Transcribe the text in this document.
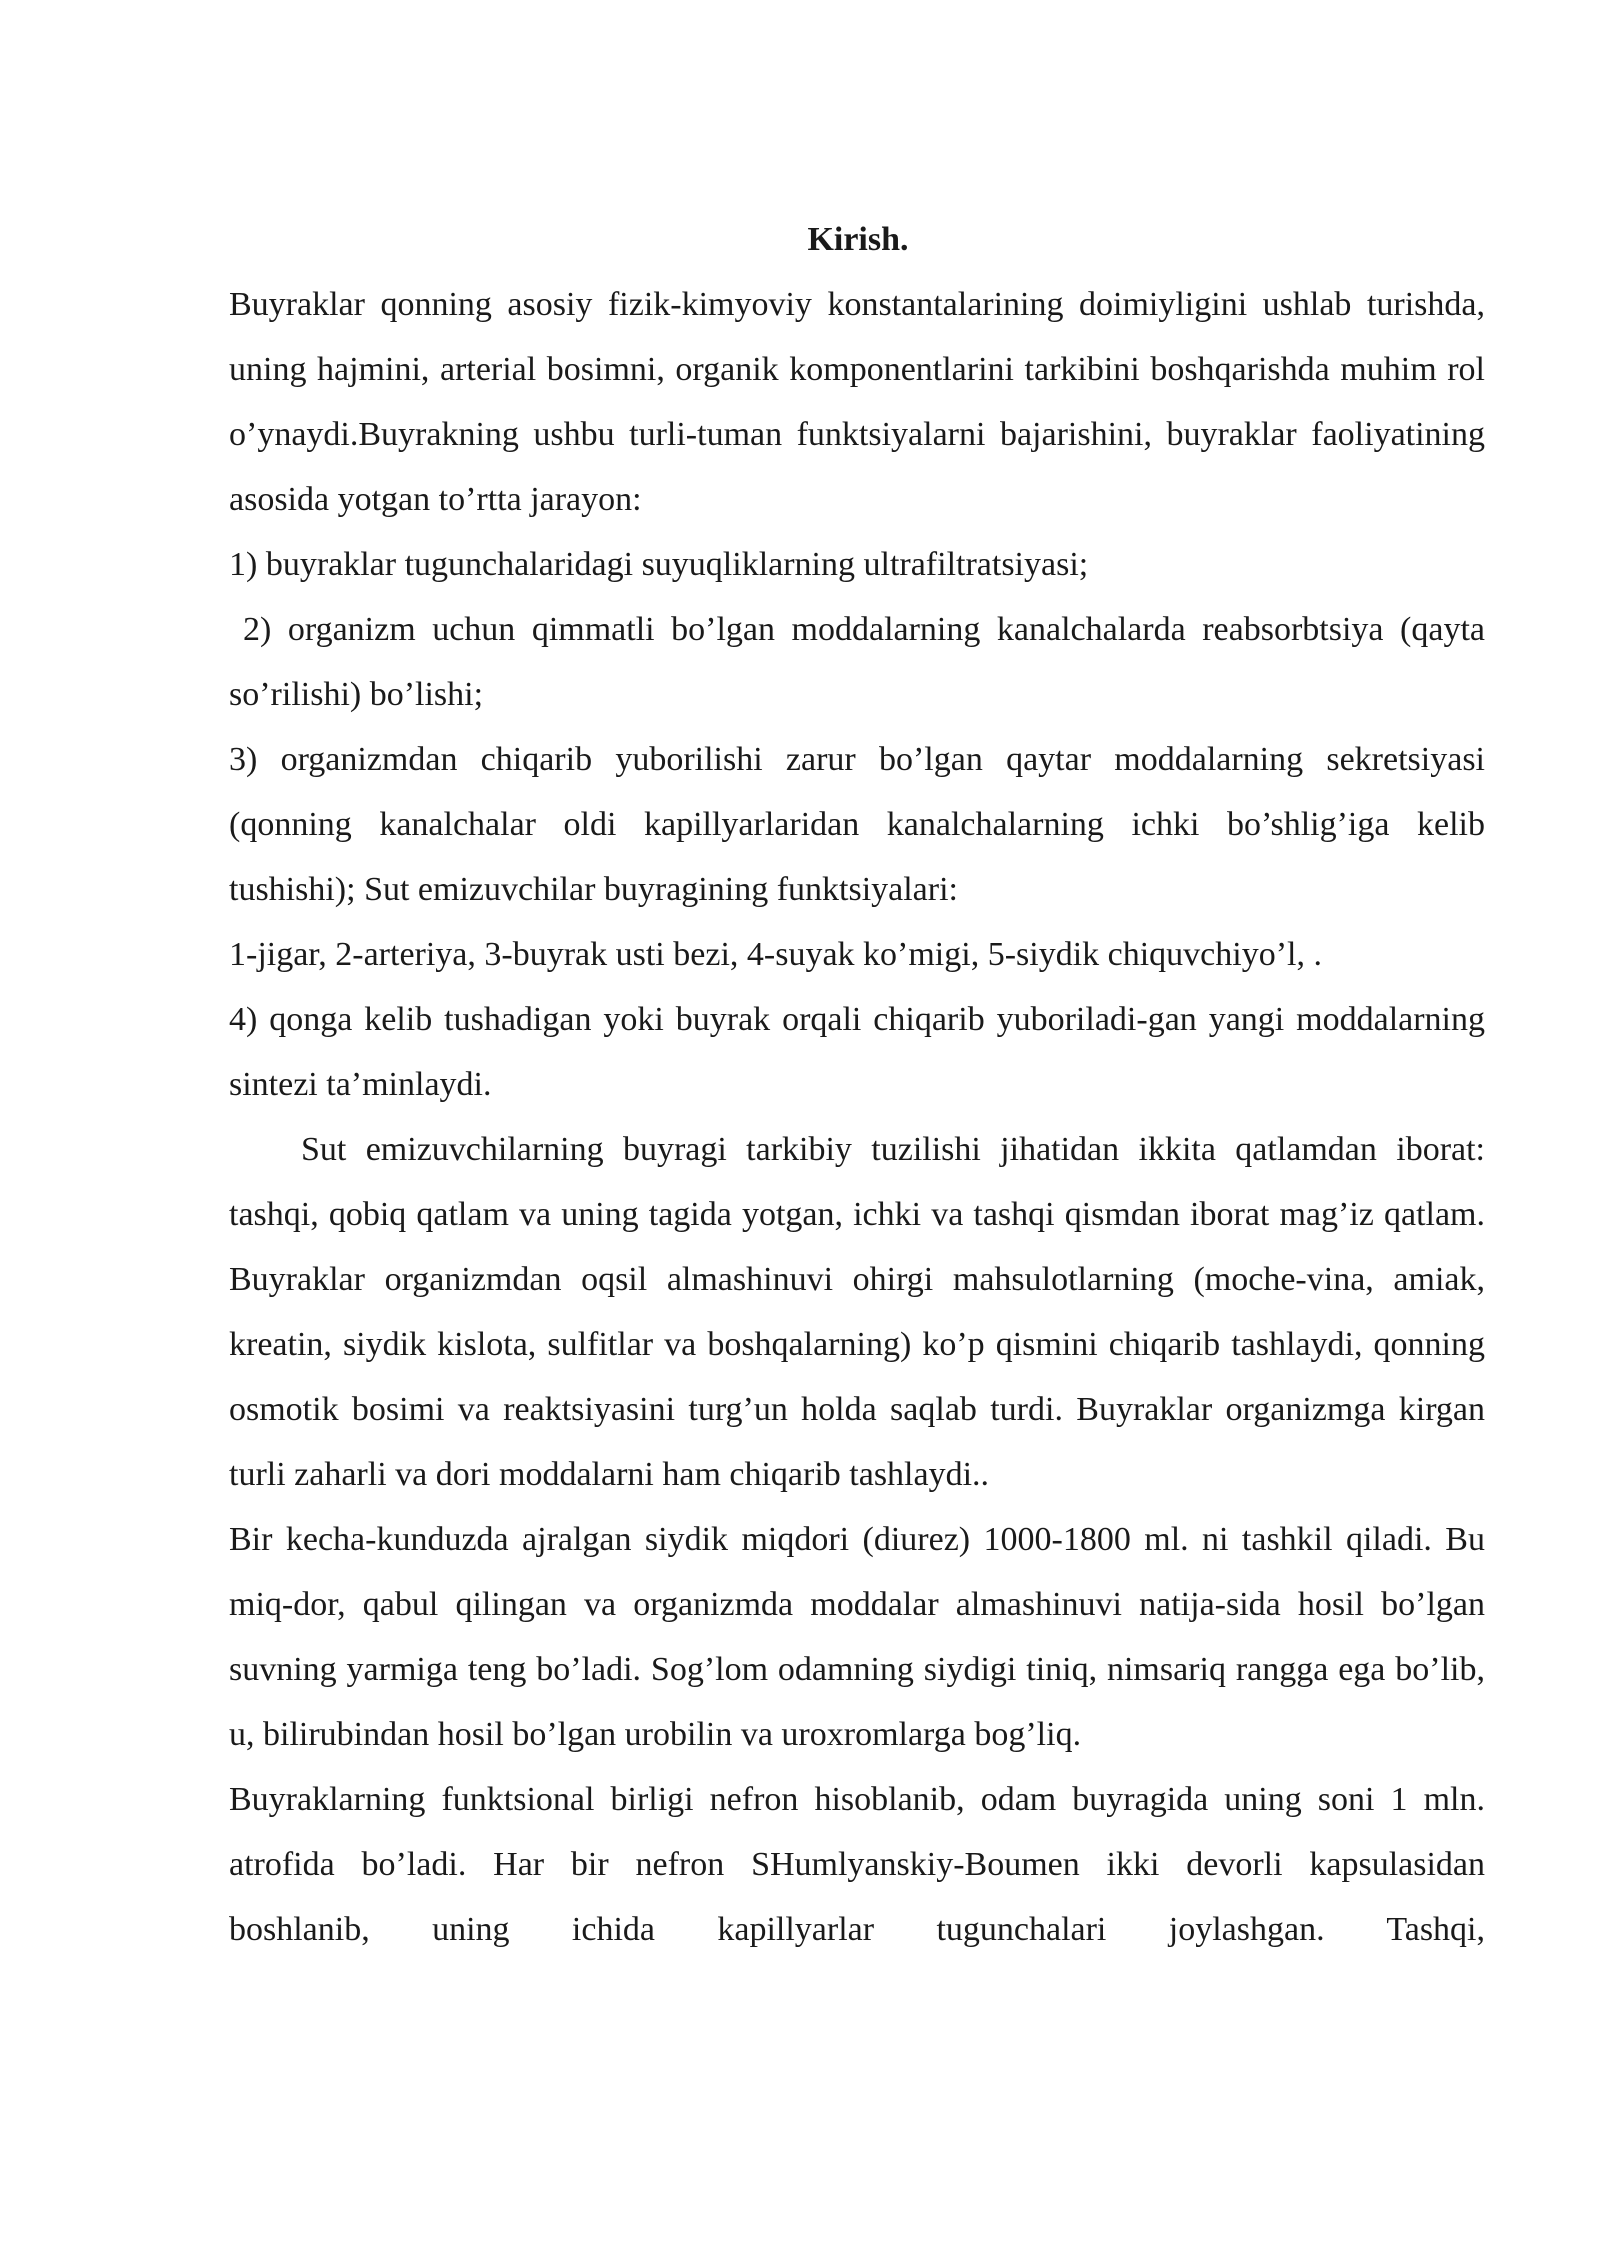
Kirish.

Buyraklar qonning asosiy fizik-kimyoviy konstantalarining doimiyligini ushlab turishda, uning hajmini, arterial bosimni, organik komponentlarini tarkibini boshqarishda muhim rol o’ynaydi.Buyrakning ushbu turli-tuman funktsiyalarni bajarishini, buyraklar faoliyatining asosida yotgan to’rtta jarayon:

1) buyraklar tugunchalaridagi suyuqliklarning ultrafiltratsiyasi;

2) organizm uchun qimmatli bo’lgan moddalarning kanalchalarda reabsorbtsiya (qayta so’rilishi) bo’lishi;

3) organizmdan chiqarib yuborilishi zarur bo’lgan qaytar moddalarning sekretsiyasi (qonning kanalchalar oldi kapillyarlaridan kanalchalarning ichki bo’shlig’iga kelib tushishi); Sut emizuvchilar buyragining funktsiyalari:

1-jigar, 2-arteriya, 3-buyrak usti bezi, 4-suyak ko’migi, 5-siydik chiquvchiyo’l, .

4) qonga kelib tushadigan yoki buyrak orqali chiqarib yuboriladi-gan yangi moddalarning sintezi ta’minlaydi.

Sut emizuvchilarning buyragi tarkibiy tuzilishi jihatidan ikkita qatlamdan iborat: tashqi, qobiq qatlam va uning tagida yotgan, ichki va tashqi qismdan iborat mag’iz qatlam. Buyraklar organizmdan oqsil almashinuvi ohirgi mahsulotlarning (moche-vina, amiak, kreatin, siydik kislota, sulfitlar va boshqalarning) ko’p qismini chiqarib tashlaydi, qonning osmotik bosimi va reaktsiyasini turg’un holda saqlab turdi. Buyraklar organizmga kirgan turli zaharli va dori moddalarni ham chiqarib tashlaydi..

Bir kecha-kunduzda ajralgan siydik miqdori (diurez) 1000-1800 ml. ni tashkil qiladi. Bu miq-dor, qabul qilingan va organizmda moddalar almashinuvi natija-sida hosil bo’lgan suvning yarmiga teng bo’ladi. Sog’lom odamning siydigi tiniq, nimsariq rangga ega bo’lib, u, bilirubindan hosil bo’lgan urobilin va uroxromlarga bog’liq.

Buyraklarning funktsional birligi nefron hisoblanib, odam buyragida uning soni 1 mln. atrofida bo’ladi. Har bir nefron SHumlyanskiy-Boumen ikki devorli kapsulasidan boshlanib, uning ichida kapillyarlar tugunchalari joylashgan. Tashqi,
